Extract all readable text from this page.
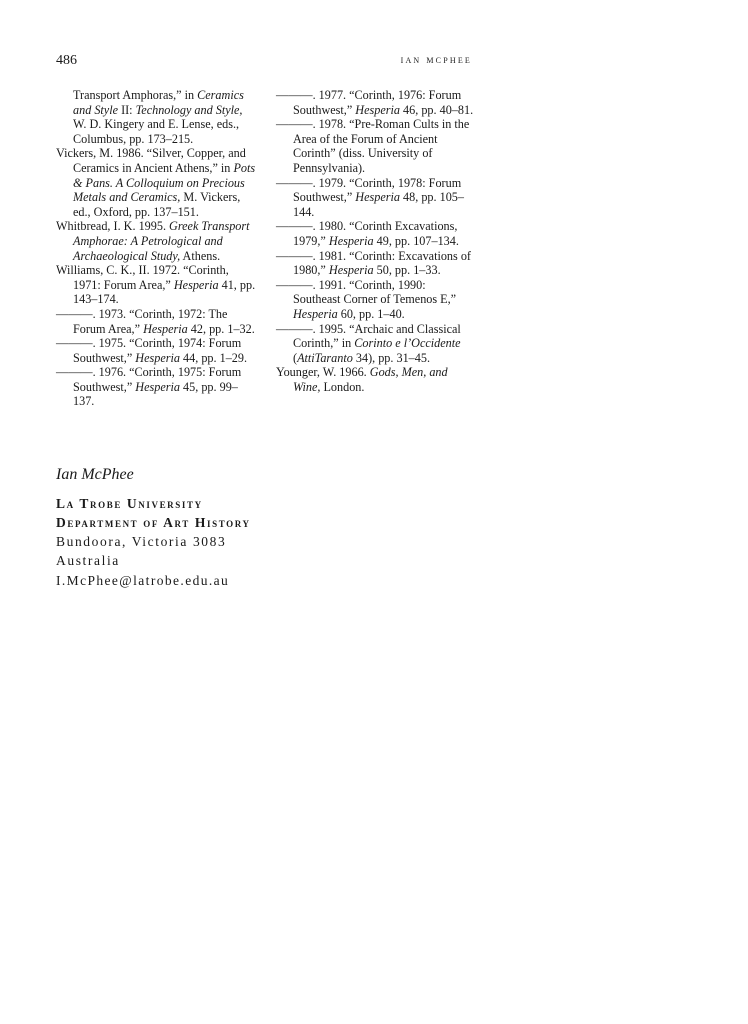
486	ian mcphee

Transport Amphoras,” in Ceramics and Style II: Technology and Style, W. D. Kingery and E. Lense, eds., Columbus, pp. 173–215.

Vickers, M. 1986. “Silver, Copper, and Ceramics in Ancient Athens,” in Pots & Pans. A Colloquium on Precious Metals and Ceramics, M. Vickers, ed., Oxford, pp. 137–151.

Whitbread, I. K. 1995. Greek Transport Amphorae: A Petrological and Archaeological Study, Athens.

Williams, C. K., II. 1972. “Corinth, 1971: Forum Area,” Hesperia 41, pp. 143–174.

———. 1973. “Corinth, 1972: The Forum Area,” Hesperia 42, pp. 1–32.

———. 1975. “Corinth, 1974: Forum Southwest,” Hesperia 44, pp. 1–29.

———. 1976. “Corinth, 1975: Forum Southwest,” Hesperia 45, pp. 99–137.

———. 1977. “Corinth, 1976: Forum Southwest,” Hesperia 46, pp. 40–81.

———. 1978. “Pre-Roman Cults in the Area of the Forum of Ancient Corinth” (diss. University of Pennsylvania).

———. 1979. “Corinth, 1978: Forum Southwest,” Hesperia 48, pp. 105–144.

———. 1980. “Corinth Excavations, 1979,” Hesperia 49, pp. 107–134.

———. 1981. “Corinth: Excavations of 1980,” Hesperia 50, pp. 1–33.

———. 1991. “Corinth, 1990: Southeast Corner of Temenos E,” Hesperia 60, pp. 1–40.

———. 1995. “Archaic and Classical Corinth,” in Corinto e l’Occidente (AttiTaranto 34), pp. 31–45.

Younger, W. 1966. Gods, Men, and Wine, London.

Ian McPhee
La Trobe University
Department of Art History
Bundoora, Victoria 3083
Australia
I.McPhee@latrobe.edu.au
